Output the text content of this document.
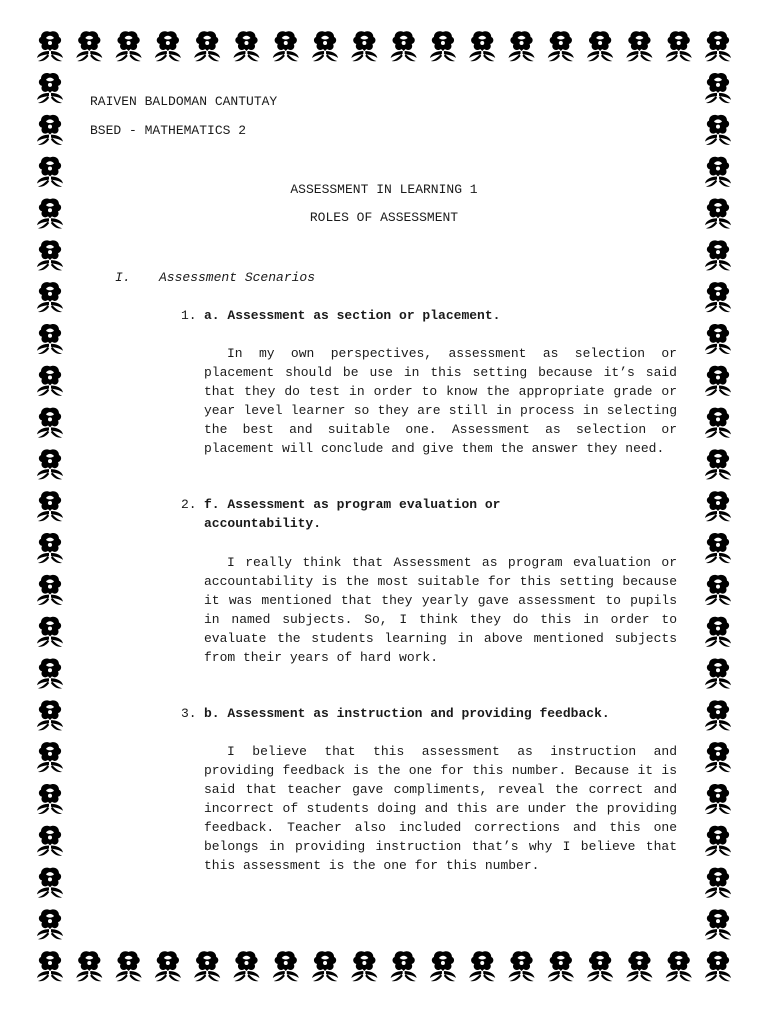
RAIVEN BALDOMAN CANTUTAY
BSED - MATHEMATICS 2
ASSESSMENT IN LEARNING 1
ROLES OF ASSESSMENT
I. Assessment Scenarios
1. a. Assessment as section or placement.

In my own perspectives, assessment as selection or placement should be use in this setting because it’s said that they do test in order to know the appropriate grade or year level learner so they are still in process in selecting the best and suitable one. Assessment as selection or placement will conclude and give them the answer they need.

2. f. Assessment as program evaluation or accountability.

I really think that Assessment as program evaluation or accountability is the most suitable for this setting because it was mentioned that they yearly gave assessment to pupils in named subjects. So, I think they do this in order to evaluate the students learning in above mentioned subjects from their years of hard work.

3. b. Assessment as instruction and providing feedback.

I believe that this assessment as instruction and providing feedback is the one for this number. Because it is said that teacher gave compliments, reveal the correct and incorrect of students doing and this are under the providing feedback. Teacher also included corrections and this one belongs in providing instruction that’s why I believe that this assessment is the one for this number.
